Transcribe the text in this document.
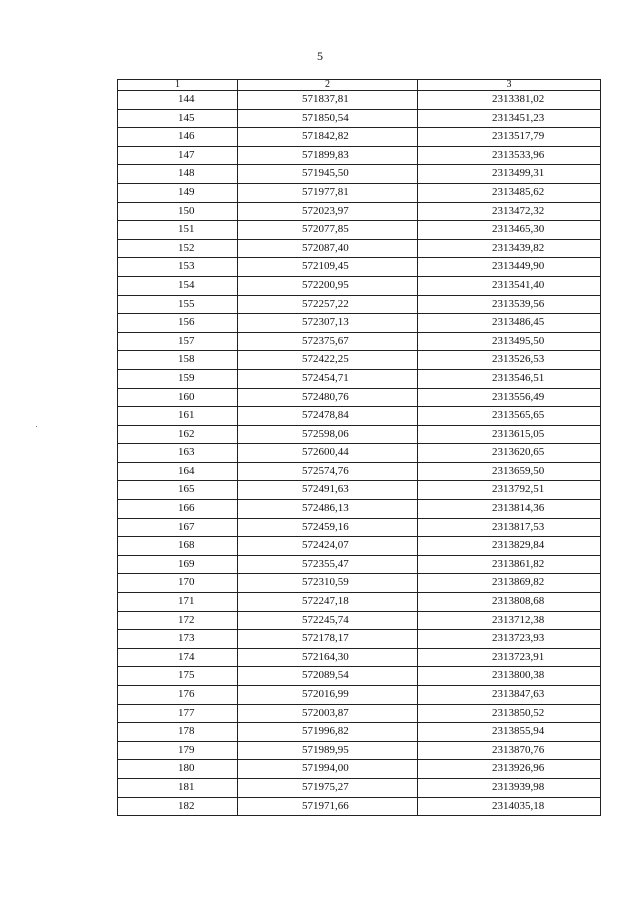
5
1	2	3
144	571837,81	2313381,02
145	571850,54	2313451,23
146	571842,82	2313517,79
147	571899,83	2313533,96
148	571945,50	2313499,31
149	571977,81	2313485,62
150	572023,97	2313472,32
151	572077,85	2313465,30
152	572087,40	2313439,82
153	572109,45	2313449,90
154	572200,95	2313541,40
155	572257,22	2313539,56
156	572307,13	2313486,45
157	572375,67	2313495,50
158	572422,25	2313526,53
159	572454,71	2313546,51
160	572480,76	2313556,49
161	572478,84	2313565,65
162	572598,06	2313615,05
163	572600,44	2313620,65
164	572574,76	2313659,50
165	572491,63	2313792,51
166	572486,13	2313814,36
167	572459,16	2313817,53
168	572424,07	2313829,84
169	572355,47	2313861,82
170	572310,59	2313869,82
171	572247,18	2313808,68
172	572245,74	2313712,38
173	572178,17	2313723,93
174	572164,30	2313723,91
175	572089,54	2313800,38
176	572016,99	2313847,63
177	572003,87	2313850,52
178	571996,82	2313855,94
179	571989,95	2313870,76
180	571994,00	2313926,96
181	571975,27	2313939,98
182	571971,66	2314035,18
